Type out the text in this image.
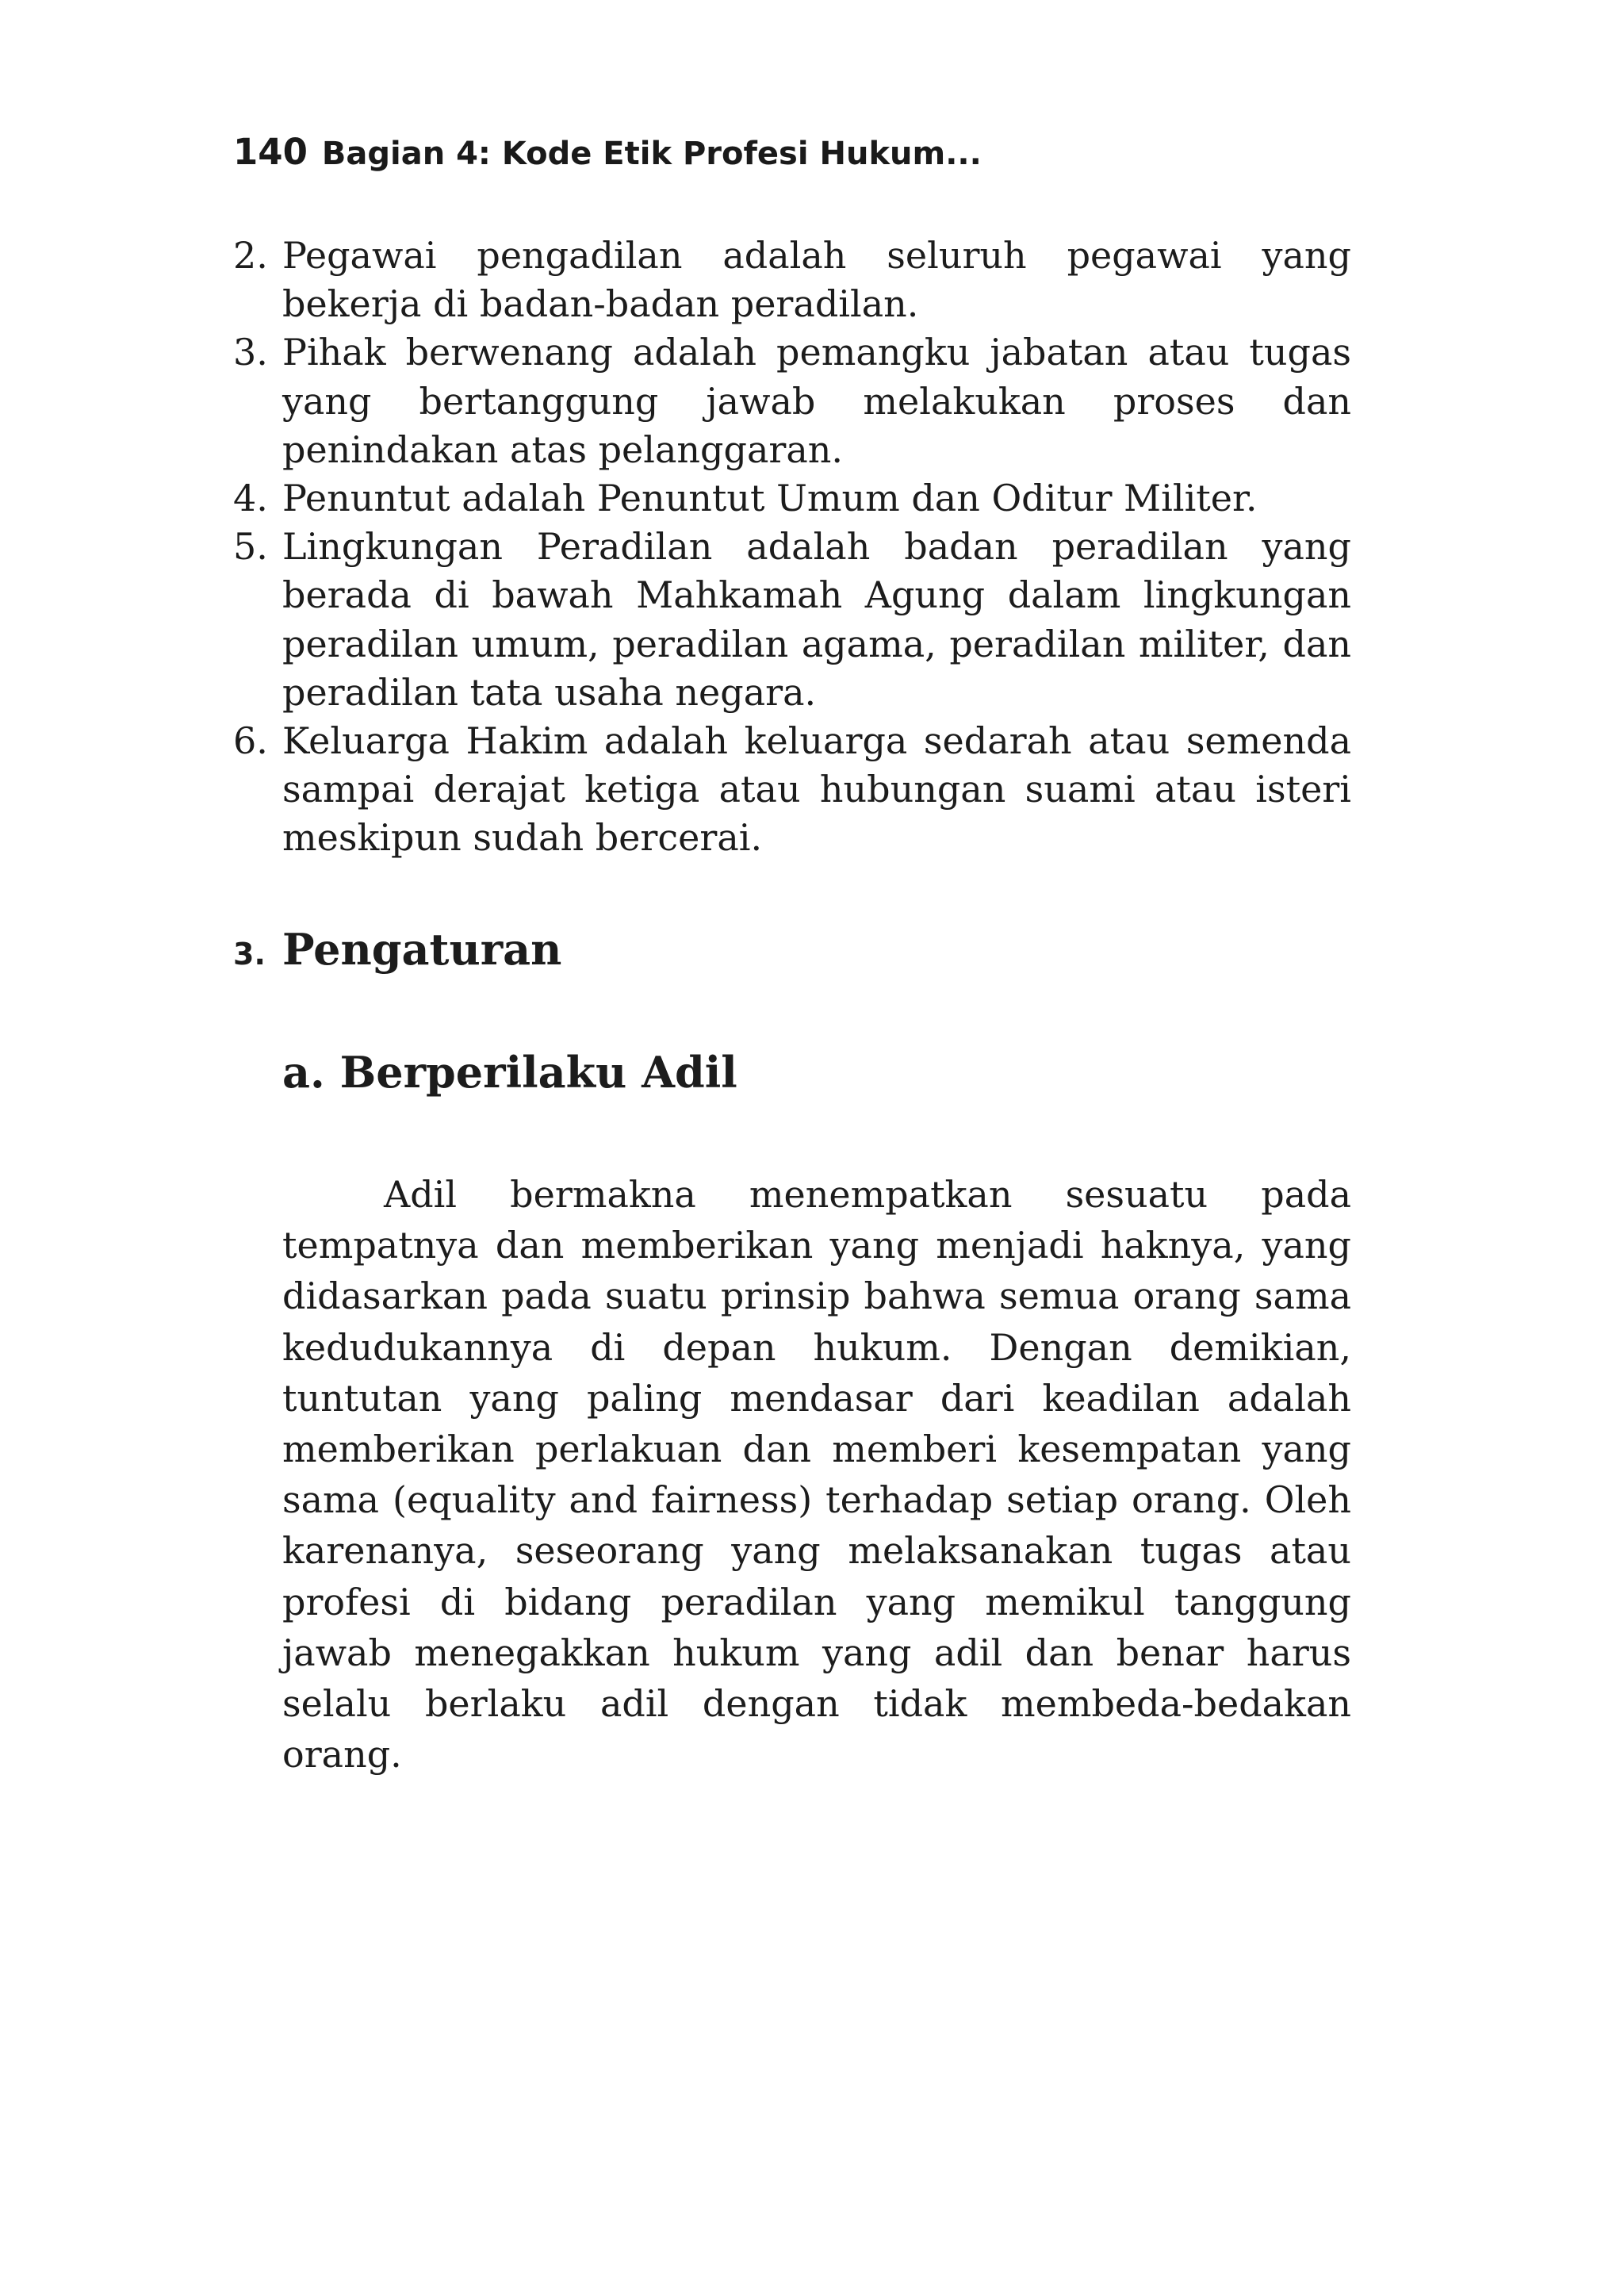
140 Bagian 4: Kode Etik Profesi Hukum...

2. Pegawai pengadilan adalah seluruh pegawai yang bekerja di badan-badan peradilan.
3. Pihak berwenang adalah pemangku jabatan atau tugas yang bertanggung jawab melakukan proses dan penindakan atas pelanggaran.
4. Penuntut adalah Penuntut Umum dan Oditur Militer.
5. Lingkungan Peradilan adalah badan peradilan yang berada di bawah Mahkamah Agung dalam lingkungan peradilan umum, peradilan agama, peradilan militer, dan peradilan tata usaha negara.
6. Keluarga Hakim adalah keluarga sedarah atau semenda sampai derajat ketiga atau hubungan suami atau isteri meskipun sudah bercerai.
3. Pengaturan
a. Berperilaku Adil

Adil bermakna menempatkan sesuatu pada tempatnya dan memberikan yang menjadi haknya, yang didasarkan pada suatu prinsip bahwa semua orang sama kedudukannya di depan hukum. Dengan demikian, tuntutan yang paling mendasar dari keadilan adalah memberikan perlakuan dan memberi kesempatan yang sama (equality and fairness) terhadap setiap orang. Oleh karenanya, seseorang yang melaksanakan tugas atau profesi di bidang peradilan yang memikul tanggung jawab menegakkan hukum yang adil dan benar harus selalu berlaku adil dengan tidak membeda-bedakan orang.
